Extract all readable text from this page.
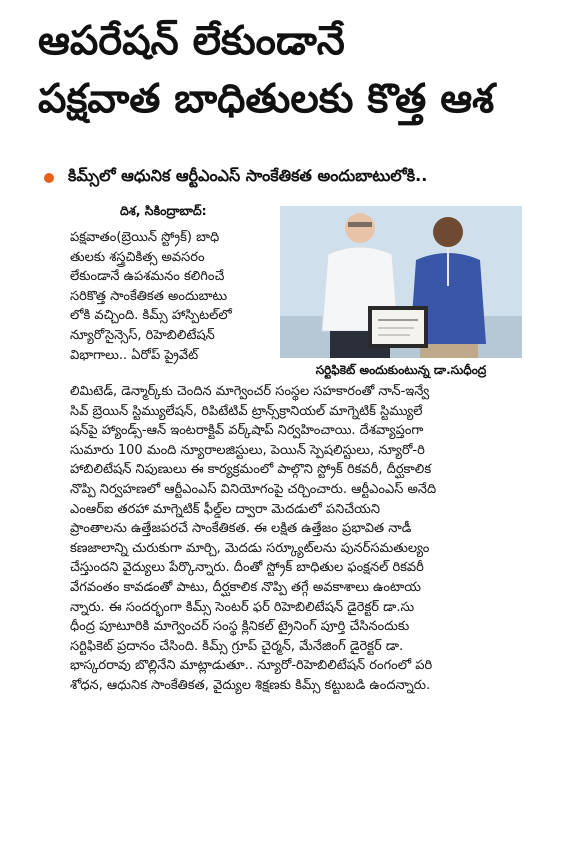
ఆపరేషన్ లేకుండానే
పక్షవాత బాధితులకు కొత్త ఆశ
కిమ్స్‌లో ఆధునిక ఆర్టీఎంఎస్ సాంకేతికత అందుబాటులోకి..
దిశ, సికింద్రాబాద్:
పక్షవాతం(బ్రెయిన్ స్ట్రోక్) బాధి
తులకు శస్త్రచికిత్స అవసరం
లేకుండానే ఉపశమనం కలిగించే
సరికొత్త సాంకేతికత అందుబాటు
లోకి వచ్చింది. కిమ్స్ హాస్పిటల్‌లో
న్యూరోసైన్సెస్, రిహెబిలిటేషన్
విభాగాలు.. ఏరోప్ ప్రైవేట్
సర్టిఫికెట్ అందుకుంటున్న డా.సుధీంద్ర
లిమిటెడ్, డెన్మార్క్‌కు చెందిన మాగ్వెంచర్ సంస్థల సహకారంతో నాన్-ఇన్వే
సివ్ బ్రెయిన్ స్టిమ్యులేషన్, రిపిటేటివ్ ట్రాన్స్‌క్రానియల్ మాగ్నెటిక్ స్టిమ్యులే
షన్‌పై హ్యాండ్స్-ఆన్ ఇంటరాక్టివ్ వర్క్‌షాప్ నిర్వహించాయి. దేశవ్యాప్తంగా
సుమారు 100 మంది న్యూరాలజిస్టులు, పెయిన్ స్పెషలిస్టులు, న్యూరో-రి
హాబిలిటేషన్ నిపుణులు ఈ కార్యక్రమంలో పాల్గొని స్ట్రోక్ రికవరీ, దీర్ఘకాలిక
నొప్పి నిర్వహణలో ఆర్టీఎంఎస్ వినియోగంపై చర్చించారు. ఆర్టీఎంఎస్ అనేది
ఎంఆర్ఐ తరహా మాగ్నెటిక్ ఫీల్డ్‌ల ద్వారా మెదడులో పనిచేయని
ప్రాంతాలను ఉత్తేజపరచే సాంకేతికత. ఈ లక్షిత ఉత్తేజం ప్రభావిత నాడీ
కణజాలాన్ని చురుకుగా మార్చి, మెదడు సర్క్యూట్‌లను పునర్‌సమతుల్యం
చేస్తుందని వైద్యులు పేర్కొన్నారు. దీంతో స్ట్రోక్ బాధితుల ఫంక్షనల్ రికవరీ
వేగవంతం కావడంతో పాటు, దీర్ఘకాలిక నొప్పి తగ్గే అవకాశాలు ఉంటాయ
న్నారు. ఈ సందర్భంగా కిమ్స్ సెంటర్ ఫర్ రిహెబిలిటేషన్ డైరెక్టర్ డా.సు
ధీంద్ర పూటూరికి మాగ్వెంచర్ సంస్థ క్లినికల్ ట్రైనింగ్ పూర్తి చేసినందుకు
సర్టిఫికెట్ ప్రదానం చేసింది. కిమ్స్ గ్రూప్ చైర్మన్, మేనేజింగ్ డైరెక్టర్ డా.
భాస్కరరావు బొల్లినేని మాట్లాడుతూ.. న్యూరో-రిహెబిలిటేషన్ రంగంలో పరి
శోధన, ఆధునిక సాంకేతికత, వైద్యుల శిక్షణకు కిమ్స్ కట్టుబడి ఉందన్నారు.
